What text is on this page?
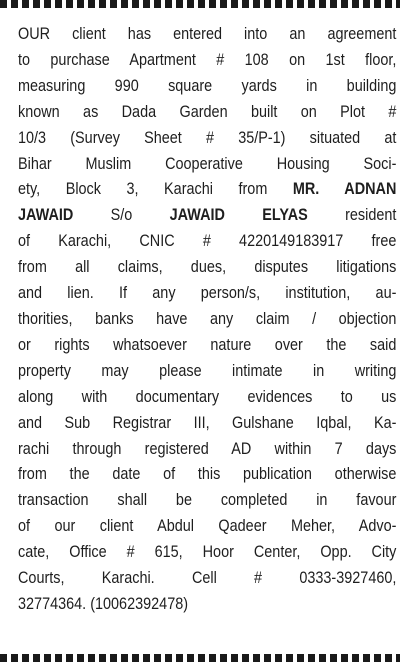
OUR client has entered into an agreement
to purchase Apartment # 108 on 1st floor,
measuring 990 square yards in building
known as Dada Garden built on Plot #
10/3 (Survey Sheet # 35/P-1) situated at
Bihar Muslim Cooperative Housing Soci-
ety, Block 3, Karachi from MR. ADNAN
JAWAID S/o JAWAID ELYAS resident
of Karachi, CNIC # 4220149183917 free
from all claims, dues, disputes litigations
and lien. If any person/s, institution, au-
thorities, banks have any claim / objection
or rights whatsoever nature over the said
property may please intimate in writing
along with documentary evidences to us
and Sub Registrar III, Gulshane Iqbal, Ka-
rachi through registered AD within 7 days
from the date of this publication otherwise
transaction shall be completed in favour
of our client Abdul Qadeer Meher, Advo-
cate, Office # 615, Hoor Center, Opp. City
Courts, Karachi. Cell # 0333-3927460,
32774364. (10062392478)
